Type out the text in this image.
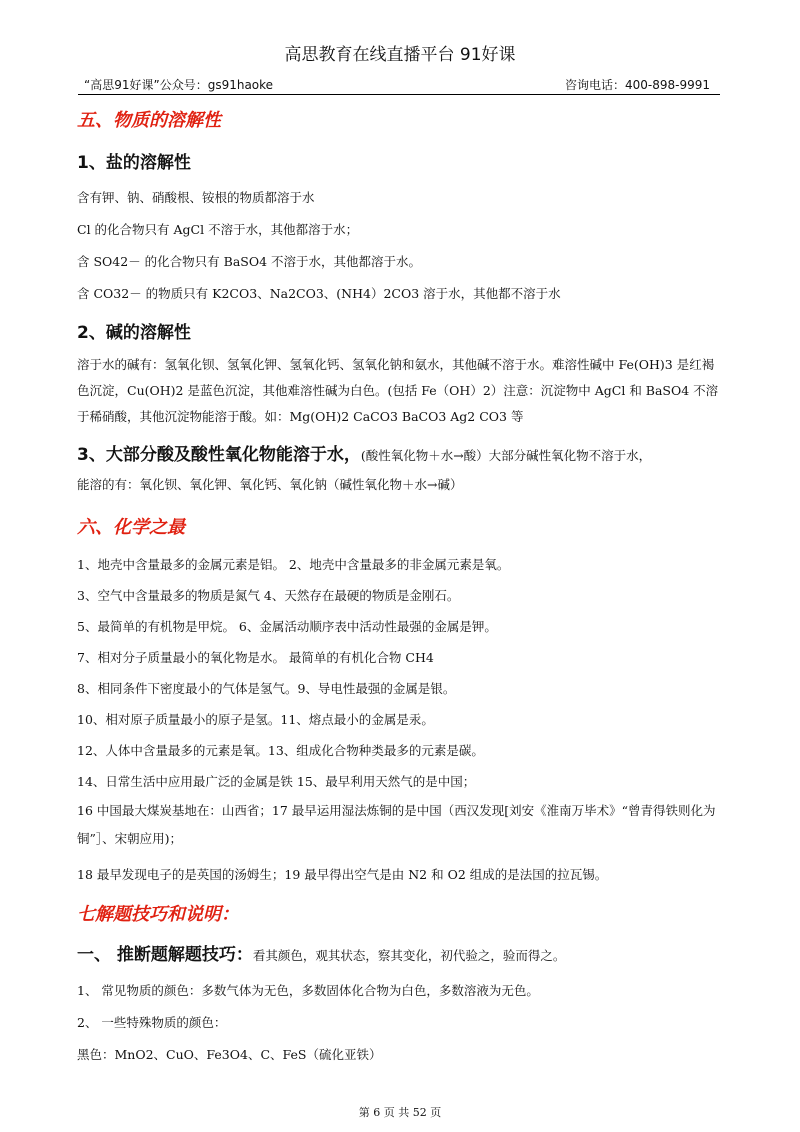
高思教育在线直播平台 91好课
“高思91好课”公众号：gs91haoke	咨询电话：400-898-9991
五、物质的溶解性
1、盐的溶解性
含有钾、钠、硝酸根、铵根的物质都溶于水
Cl 的化合物只有 AgCl 不溶于水，其他都溶于水；
含 SO42－ 的化合物只有 BaSO4 不溶于水，其他都溶于水。
含 CO32－ 的物质只有 K2CO3、Na2CO3、(NH4）2CO3 溶于水，其他都不溶于水
2、碱的溶解性
溶于水的碱有：氢氧化钡、氢氧化钾、氢氧化钙、氢氧化钠和氨水，其他碱不溶于水。难溶性碱中 Fe(OH)3 是红褐色沉淀，Cu(OH)2 是蓝色沉淀，其他难溶性碱为白色。(包括 Fe（OH）2）注意：沉淀物中 AgCl 和 BaSO4 不溶于稀硝酸，其他沉淀物能溶于酸。如：Mg(OH)2 CaCO3 BaCO3 Ag2 CO3 等
3、大部分酸及酸性氧化物能溶于水，(酸性氧化物＋水→酸）大部分碱性氧化物不溶于水，
能溶的有：氧化钡、氧化钾、氧化钙、氧化钠（碱性氧化物＋水→碱）
六、化学之最
1、地壳中含量最多的金属元素是铝。 2、地壳中含量最多的非金属元素是氧。
3、空气中含量最多的物质是氮气 4、天然存在最硬的物质是金刚石。
5、最简单的有机物是甲烷。 6、金属活动顺序表中活动性最强的金属是钾。
7、相对分子质量最小的氧化物是水。 最简单的有机化合物 CH4
8、相同条件下密度最小的气体是氢气。9、导电性最强的金属是银。
10、相对原子质量最小的原子是氢。11、熔点最小的金属是汞。
12、人体中含量最多的元素是氧。13、组成化合物种类最多的元素是碳。
14、日常生活中应用最广泛的金属是铁 15、最早利用天然气的是中国；
16 中国最大煤炭基地在：山西省；17 最早运用湿法炼铜的是中国（西汉发现[刘安《淮南万毕术》“曾青得铁则化为铜”］、宋朝应用)；
18 最早发现电子的是英国的汤姆生；19 最早得出空气是由 N2 和 O2 组成的是法国的拉瓦锡。
七解题技巧和说明：
一、 推断题解题技巧：看其颜色，观其状态，察其变化，初代验之，验而得之。
1、 常见物质的颜色：多数气体为无色，多数固体化合物为白色，多数溶液为无色。
2、 一些特殊物质的颜色：
黑色：MnO2、CuO、Fe3O4、C、FeS（硫化亚铁）
第 6 页 共 52 页
